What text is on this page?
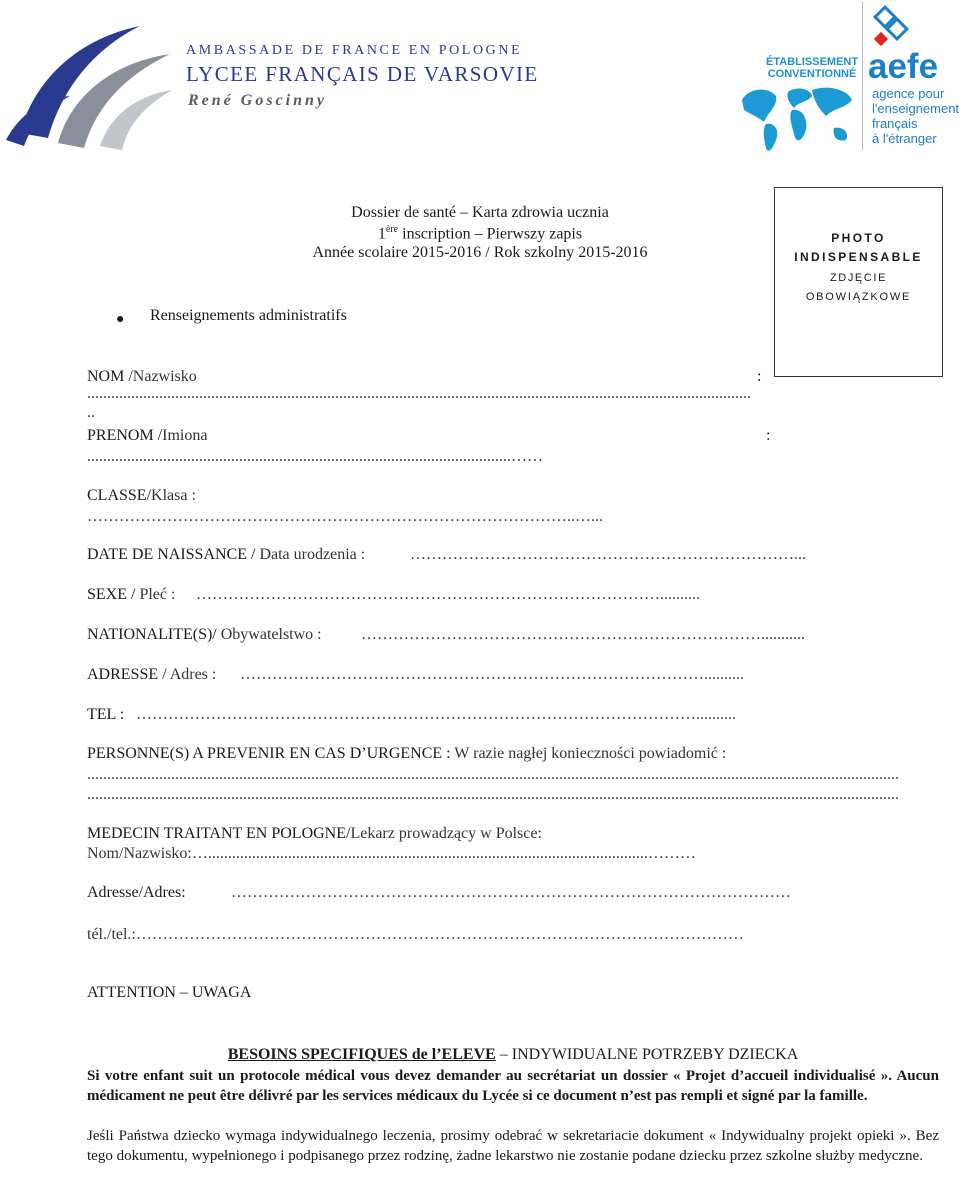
AMBASSADE DE FRANCE EN POLOGNE
LYCEE FRANÇAIS DE VARSOVIE
René Goscinny
ÉTABLISSEMENT
CONVENTIONNÉ aefe
agence pour
l'enseignement
français
à l'étranger
Dossier de santé – Karta zdrowia ucznia
1ère inscription – Pierwszy zapis
Année scolaire 2015-2016 / Rok szkolny 2015-2016
PHOTO
INDISPENSABLE
ZDJĘCIE
OBOWIĄZKOWE
● Renseignements administratifs
NOM /Nazwisko	:
......................................................................................................................................................................
..
PRENOM /Imiona	:
..........................................................................................................……
CLASSE/Klasa :
………………………………………………………………………………..…...
DATE DE NAISSANCE / Data urodzenia :	………………………………………………………………...
SEXE / Pleć : ……………………………………………………………………………..........
NATIONALITE(S)/ Obywatelstwo : …………………………………………………………………...........
ADRESSE / Adres : ……………………………………………………………………………..........
TEL : ……………………………………………………………………………………………..........
PERSONNE(S) A PREVENIR EN CAS D’URGENCE : W razie nagłej konieczności powiadomić :
...........................................................................................................................................................................................................
...........................................................................................................................................................................................................
MEDECIN TRAITANT EN POLOGNE/Lekarz prowadzący w Polsce:
Nom/Nazwisko:…..............................................................................................................………
Adresse/Adres:	……………………………………………………………………………………………
tél./tel.:……………………………………………………………………………………………………
ATTENTION – UWAGA
BESOINS SPECIFIQUES de l’ELEVE – INDYWIDUALNE POTRZEBY DZIECKA
Si votre enfant suit un protocole médical vous devez demander au secrétariat un dossier « Projet d’accueil individualisé ». Aucun médicament ne peut être délivré par les services médicaux du Lycée si ce document n’est pas rempli et signé par la famille.
Jeśli Państwa dziecko wymaga indywidualnego leczenia, prosimy odebrać w sekretariacie dokument « Indywidualny projekt opieki ». Bez tego dokumentu, wypełnionego i podpisanego przez rodzinę, żadne lekarstwo nie zostanie podane dziecku przez szkolne służby medyczne.
